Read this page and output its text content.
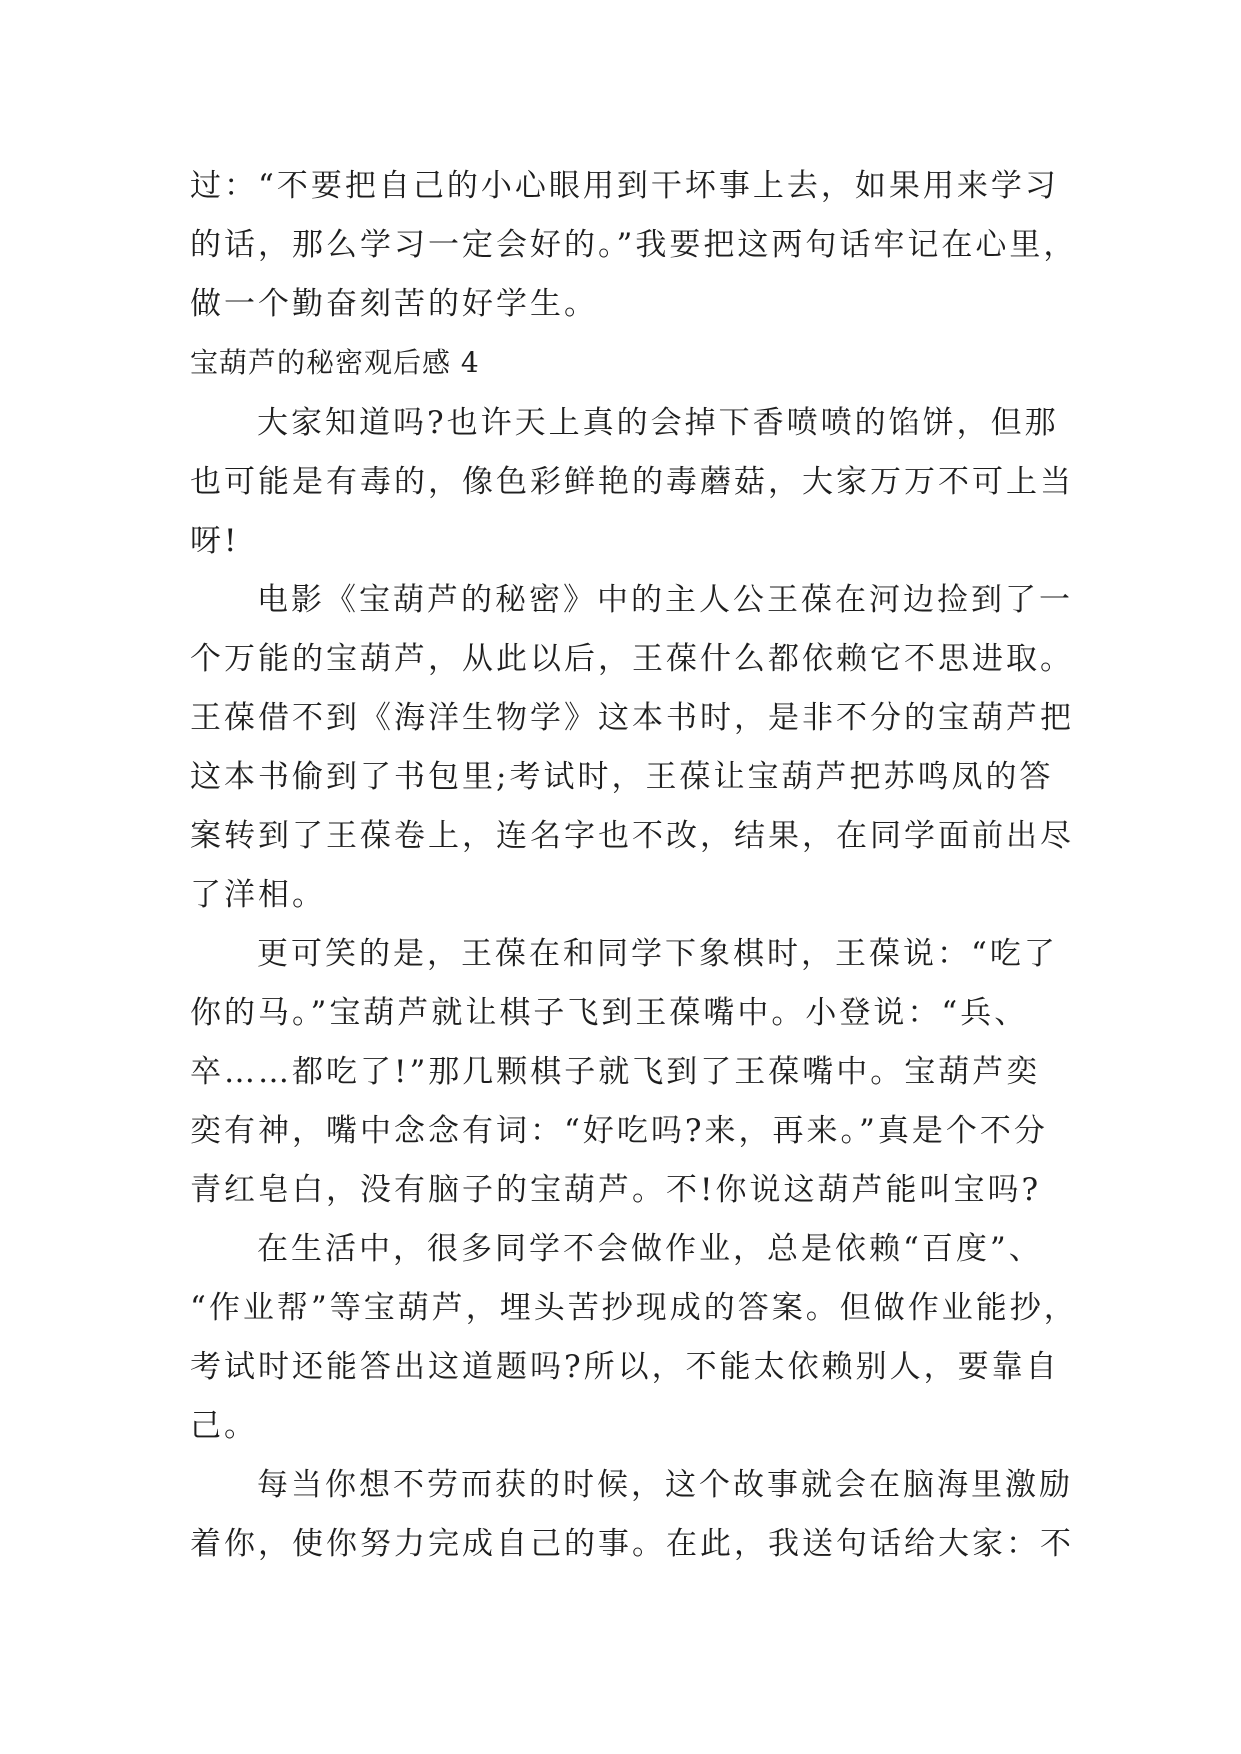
过：“不要把自己的小心眼用到干坏事上去，如果用来学习
的话，那么学习一定会好的。”我要把这两句话牢记在心里，
做一个勤奋刻苦的好学生。
宝葫芦的秘密观后感 4
大家知道吗?也许天上真的会掉下香喷喷的馅饼，但那
也可能是有毒的，像色彩鲜艳的毒蘑菇，大家万万不可上当
呀!
电影《宝葫芦的秘密》中的主人公王葆在河边捡到了一
个万能的宝葫芦，从此以后，王葆什么都依赖它不思进取。
王葆借不到《海洋生物学》这本书时，是非不分的宝葫芦把
这本书偷到了书包里;考试时，王葆让宝葫芦把苏鸣凤的答
案转到了王葆卷上，连名字也不改，结果，在同学面前出尽
了洋相。
更可笑的是，王葆在和同学下象棋时，王葆说：“吃了
你的马。”宝葫芦就让棋子飞到王葆嘴中。小登说：“兵、
卒……都吃了!”那几颗棋子就飞到了王葆嘴中。宝葫芦奕
奕有神，嘴中念念有词：“好吃吗?来，再来。”真是个不分
青红皂白，没有脑子的宝葫芦。不!你说这葫芦能叫宝吗?
在生活中，很多同学不会做作业，总是依赖“百度”、
“作业帮”等宝葫芦，埋头苦抄现成的答案。但做作业能抄，
考试时还能答出这道题吗?所以，不能太依赖别人，要靠自
己。
每当你想不劳而获的时候，这个故事就会在脑海里激励
着你，使你努力完成自己的事。在此，我送句话给大家：不
